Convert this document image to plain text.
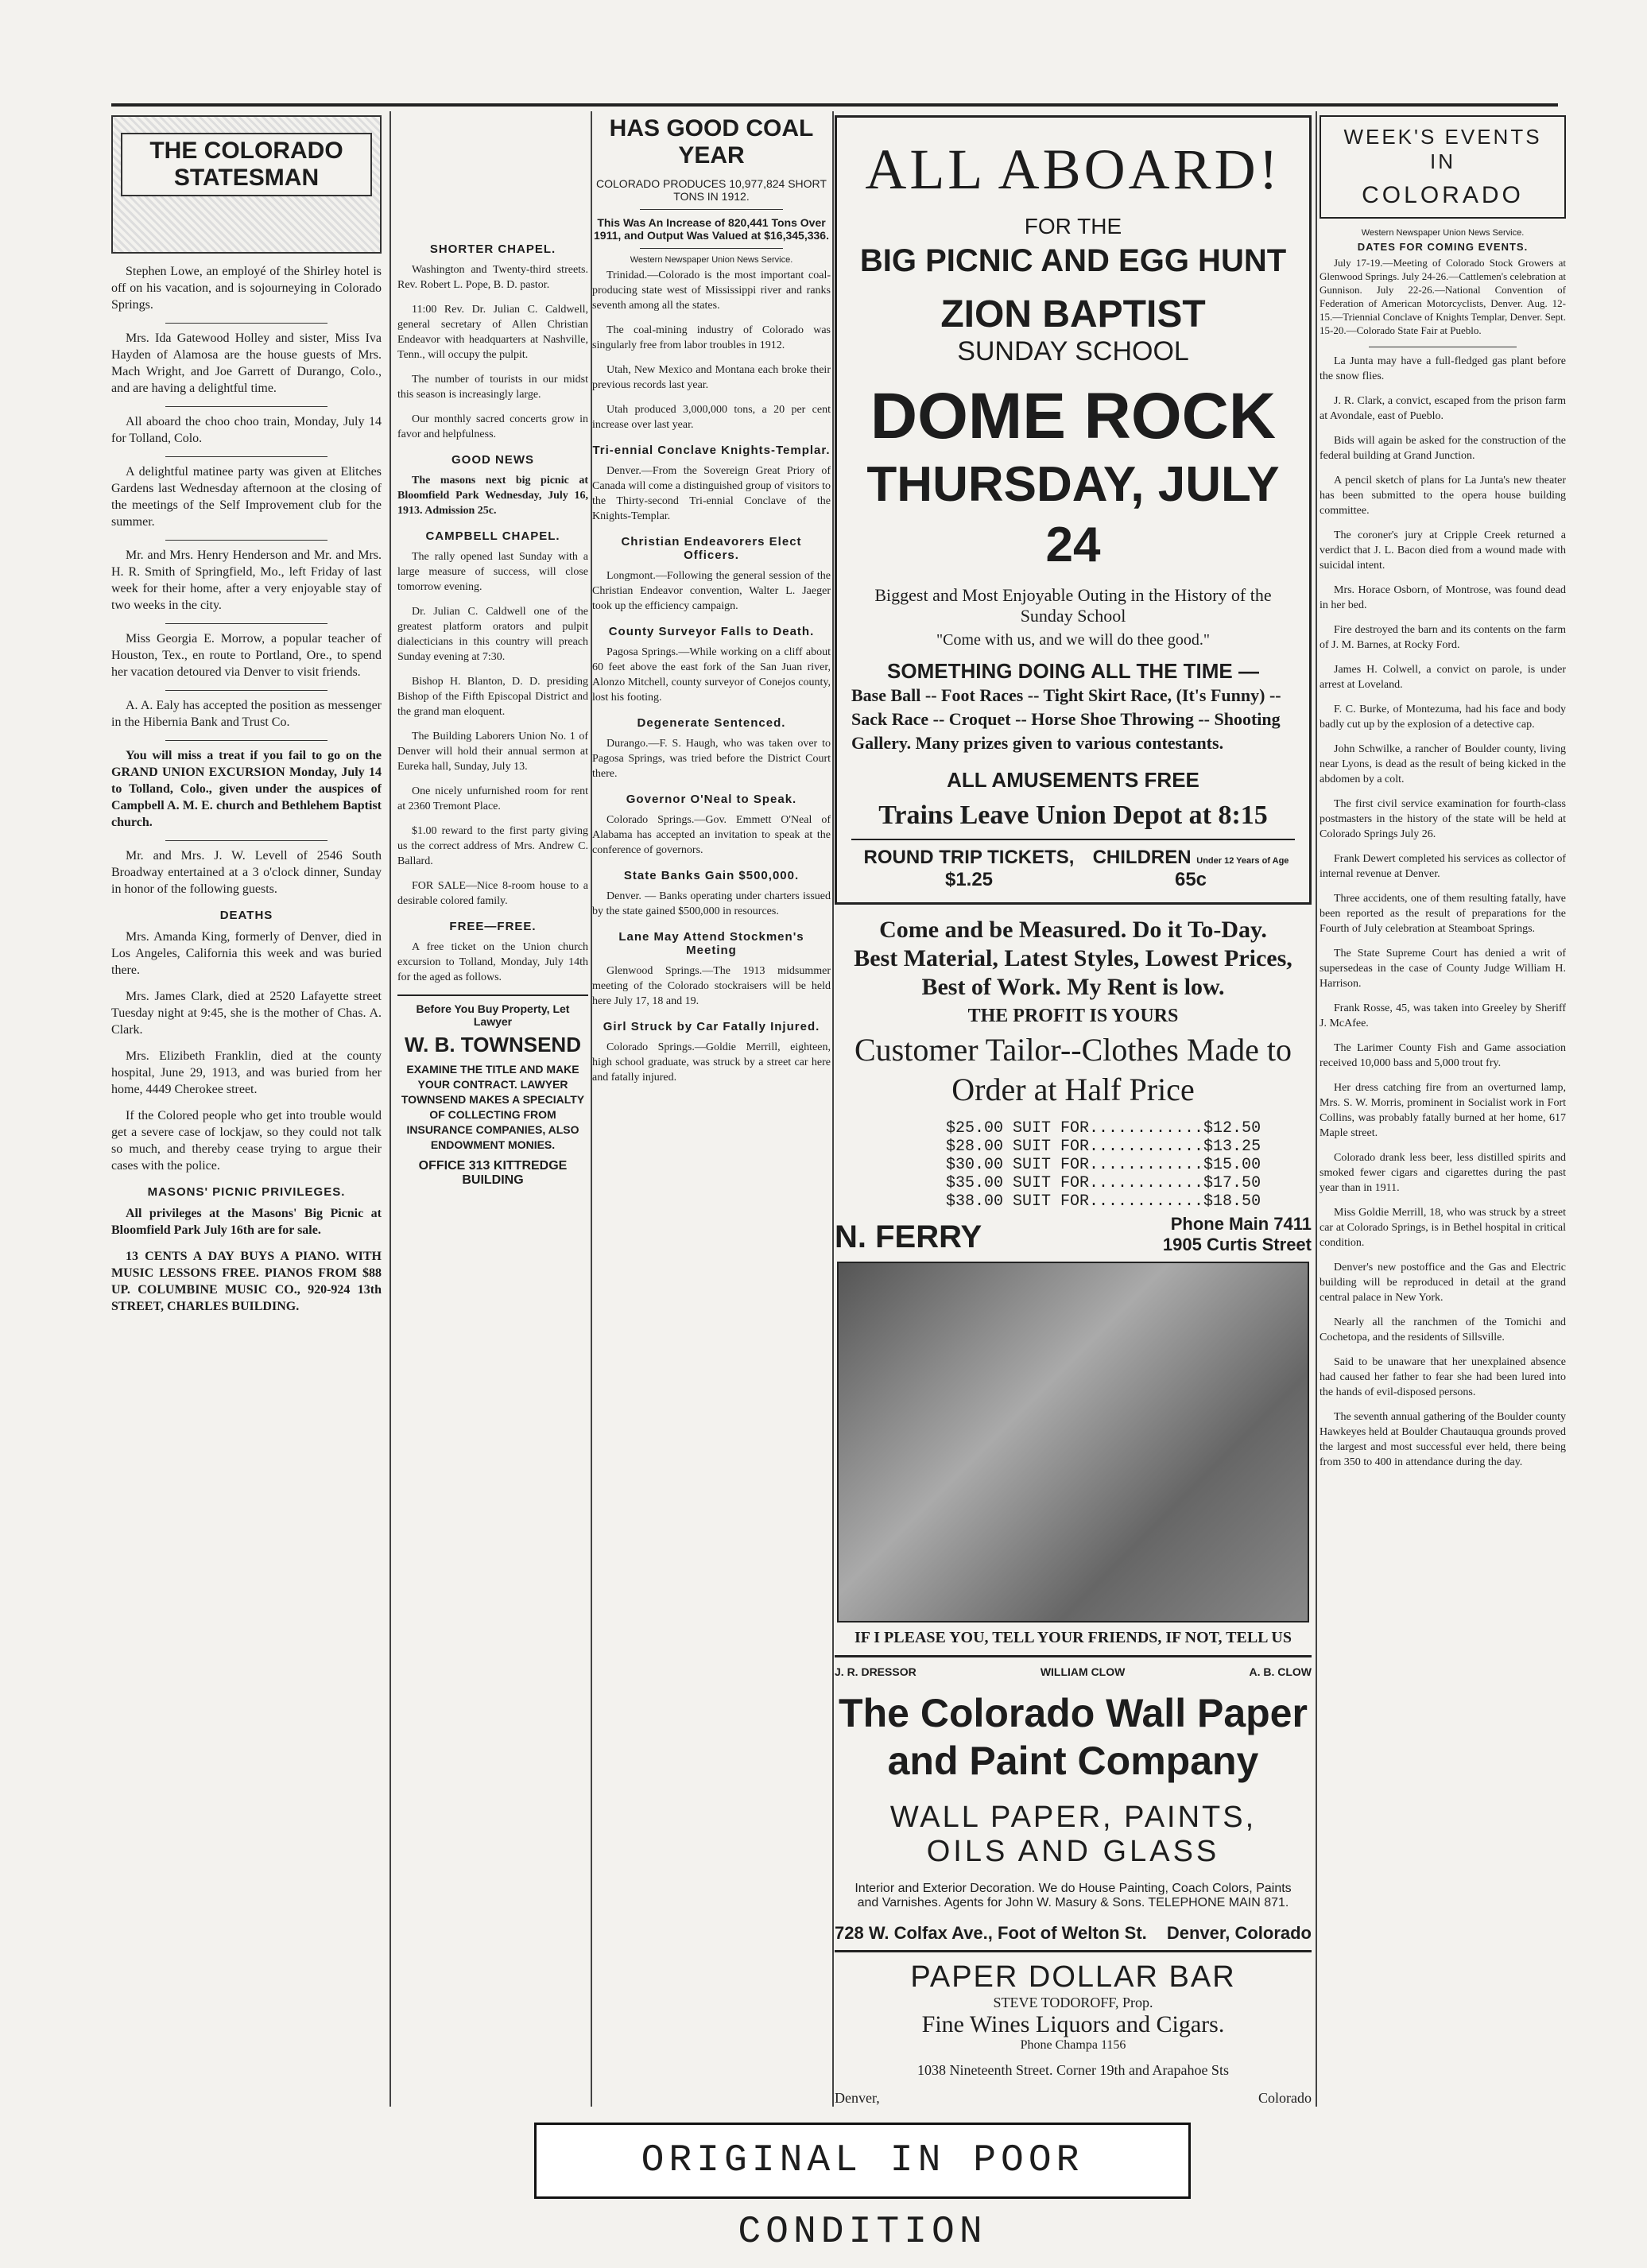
THE COLORADO STATESMAN

Stephen Lowe, an employé of the Shirley hotel is off on his vacation, and is sojourneying in Colorado Springs.

Mrs. Ida Gatewood Holley and sister, Miss Iva Hayden of Alamosa are the house guests of Mrs. Mach Wright, and Joe Garrett of Durango, Colo., and are having a delightful time.

All aboard the choo choo train, Monday, July 14 for Tolland, Colo.

A delightful matinee party was given at Elitches Gardens last Wednesday afternoon at the closing of the meetings of the Self Improvement club for the summer.

Mr. and Mrs. Henry Henderson and Mr. and Mrs. H. R. Smith of Springfield, Mo., left Friday of last week for their home, after a very enjoyable stay of two weeks in the city.

Miss Georgia E. Morrow, a popular teacher of Houston, Tex., en route to Portland, Ore., to spend her vacation detoured via Denver to visit friends.

A. A. Ealy has accepted the position as messenger in the Hibernia Bank and Trust Co.

You will miss a treat if you fail to go on the GRAND UNION EXCURSION Monday, July 14 to Tolland, Colo., given under the auspices of Campbell A. M. E. church and Bethlehem Baptist church.

Mr. and Mrs. J. W. Levell of 2546 South Broadway entertained at a 3 o'clock dinner, Sunday in honor of the following guests.

DEATHS

Mrs. Amanda King, formerly of Denver, died in Los Angeles, California this week and was buried there.

Mrs. James Clark, died at 2520 Lafayette street Tuesday night at 9:45, she is the mother of Chas. A. Clark.

Mrs. Elizibeth Franklin, died at the county hospital, June 29, 1913, and was buried from her home, 4449 Cherokee street.

If the Colored people who get into trouble would get a severe case of lockjaw, so they could not talk so much, and thereby cease trying to argue their cases with the police.

MASONS' PICNIC PRIVILEGES.

All privileges at the Masons' Big Picnic at Bloomfield Park July 16th are for sale.

13 CENTS A DAY BUYS A PIANO. WITH MUSIC LESSONS FREE. PIANOS FROM $88 UP. COLUMBINE MUSIC CO., 920-924 13th STREET, CHARLES BUILDING.

SHORTER CHAPEL.

Washington and Twenty-third streets. Rev. Robert L. Pope, B. D. pastor.

11:00 Rev. Dr. Julian C. Caldwell, general secretary of Allen Christian Endeavor with headquarters at Nashville, Tenn., will occupy the pulpit.

The number of tourists in our midst this season is increasingly large.

Our monthly sacred concerts grow in favor and helpfulness.

GOOD NEWS

The masons next big picnic at Bloomfield Park Wednesday, July 16, 1913. Admission 25c.

CAMPBELL CHAPEL.

The rally opened last Sunday with a large measure of success, will close tomorrow evening.

Dr. Julian C. Caldwell one of the greatest platform orators and pulpit dialecticians in this country will preach Sunday evening at 7:30.

Bishop H. Blanton, D. D. presiding Bishop of the Fifth Episcopal District and the grand man eloquent.

The Building Laborers Union No. 1 of Denver will hold their annual sermon at Eureka hall, Sunday, July 13.

One nicely unfurnished room for rent at 2360 Tremont Place.

$1.00 reward to the first party giving us the correct address of Mrs. Andrew C. Ballard.

FOR SALE—Nice 8-room house to a desirable colored family.

FREE—FREE.

A free ticket on the Union church excursion to Tolland, Monday, July 14th for the aged as follows.

Before You Buy Property, Let Lawyer
W. B. TOWNSEND
EXAMINE THE TITLE AND MAKE YOUR CONTRACT. LAWYER TOWNSEND MAKES A SPECIALTY OF COLLECTING FROM INSURANCE COMPANIES, ALSO ENDOWMENT MONIES.
OFFICE 313 KITTREDGE BUILDING
HAS GOOD COAL YEAR
COLORADO PRODUCES 10,977,824 SHORT TONS IN 1912.
This Was An Increase of 820,441 Tons Over 1911, and Output Was Valued at $16,345,336.
Western Newspaper Union News Service.

Trinidad.—Colorado is the most important coal-producing state west of Mississippi river and ranks seventh among all the states.

The coal-mining industry of Colorado was singularly free from labor troubles in 1912.

Utah, New Mexico and Montana each broke their previous records last year.

Utah produced 3,000,000 tons, a 20 per cent increase over last year.

Tri-ennial Conclave Knights-Templar.

Denver.—From the Sovereign Great Priory of Canada will come a distinguished group of visitors to the Thirty-second Tri-ennial Conclave of the Knights-Templar.

Christian Endeavorers Elect Officers.

Longmont.—Following the general session of the Christian Endeavor convention, Walter L. Jaeger took up the efficiency campaign.

County Surveyor Falls to Death.

Pagosa Springs.—While working on a cliff about 60 feet above the east fork of the San Juan river, Alonzo Mitchell, county surveyor of Conejos county, lost his footing.

Degenerate Sentenced.

Durango.—F. S. Haugh, who was taken over to Pagosa Springs, was tried before the District Court there.

Governor O'Neal to Speak.

Colorado Springs.—Gov. Emmett O'Neal of Alabama has accepted an invitation to speak at the conference of governors.

State Banks Gain $500,000.

Denver. — Banks operating under charters issued by the state gained $500,000 in resources.

Lane May Attend Stockmen's Meeting

Glenwood Springs.—The 1913 midsummer meeting of the Colorado stockraisers will be held here July 17, 18 and 19.

Girl Struck by Car Fatally Injured.

Colorado Springs.—Goldie Merrill, eighteen, high school graduate, was struck by a street car here and fatally injured.

ALL ABOARD!
FOR THE
BIG PICNIC AND EGG HUNT
ZION BAPTIST
SUNDAY SCHOOL
DOME ROCK
THURSDAY, JULY 24
Biggest and Most Enjoyable Outing in the History of the Sunday School
"Come with us, and we will do thee good."
SOMETHING DOING ALL THE TIME —
Base Ball -- Foot Races -- Tight Skirt Race, (It's Funny) -- Sack Race -- Croquet -- Horse Shoe Throwing -- Shooting Gallery. Many prizes given to various contestants.
ALL AMUSEMENTS FREE
Trains Leave Union Depot at 8:15
ROUND TRIP TICKETS, $1.25
CHILDREN Under 12 Years of Age 65c
Come and be Measured. Do it To-Day.
Best Material, Latest Styles, Lowest Prices,
Best of Work. My Rent is low.
THE PROFIT IS YOURS
Customer Tailor--Clothes Made to
Order at Half Price
$25.00 SUIT FOR............$12.50
$28.00 SUIT FOR............$13.25
$30.00 SUIT FOR............$15.00
$35.00 SUIT FOR............$17.50
$38.00 SUIT FOR............$18.50
N. FERRY	Phone Main 7411
1905 Curtis Street
IF I PLEASE YOU, TELL YOUR FRIENDS, IF NOT, TELL US
J. R. DRESSOR	WILLIAM CLOW	A. B. CLOW
The Colorado Wall Paper
and Paint Company
WALL PAPER, PAINTS,
OILS AND GLASS
Interior and Exterior Decoration. We do House Painting, Coach Colors, Paints and Varnishes. Agents for John W. Masury & Sons. TELEPHONE MAIN 871.
728 W. Colfax Ave., Foot of Welton St. Denver, Colorado
PAPER DOLLAR BAR
STEVE TODOROFF, Prop.
Fine Wines Liquors and Cigars.
Phone Champa 1156
1038 Nineteenth Street. Corner 19th and Arapahoe Sts
Denver,	Colorado
WEEK'S EVENTS
IN
COLORADO
Western Newspaper Union News Service.
DATES FOR COMING EVENTS.

July 17-19.—Meeting of Colorado Stock Growers at Glenwood Springs. July 24-26.—Cattlemen's celebration at Gunnison. July 22-26.—National Convention of Federation of American Motorcyclists, Denver. Aug. 12-15.—Triennial Conclave of Knights Templar, Denver. Sept. 15-20.—Colorado State Fair at Pueblo.

La Junta may have a full-fledged gas plant before the snow flies.

J. R. Clark, a convict, escaped from the prison farm at Avondale, east of Pueblo.

Bids will again be asked for the construction of the federal building at Grand Junction.

A pencil sketch of plans for La Junta's new theater has been submitted to the opera house building committee.

The coroner's jury at Cripple Creek returned a verdict that J. L. Bacon died from a wound made with suicidal intent.

Mrs. Horace Osborn, of Montrose, was found dead in her bed.

Fire destroyed the barn and its contents on the farm of J. M. Barnes, at Rocky Ford.

James H. Colwell, a convict on parole, is under arrest at Loveland.

F. C. Burke, of Montezuma, had his face and body badly cut up by the explosion of a detective cap.

John Schwilke, a rancher of Boulder county, living near Lyons, is dead as the result of being kicked in the abdomen by a colt.

The first civil service examination for fourth-class postmasters in the history of the state will be held at Colorado Springs July 26.

Frank Dewert completed his services as collector of internal revenue at Denver.

Three accidents, one of them resulting fatally, have been reported as the result of preparations for the Fourth of July celebration at Steamboat Springs.

The State Supreme Court has denied a writ of supersedeas in the case of County Judge William H. Harrison.

Frank Rosse, 45, was taken into Greeley by Sheriff J. McAfee.

The Larimer County Fish and Game association received 10,000 bass and 5,000 trout fry.

Her dress catching fire from an overturned lamp, Mrs. S. W. Morris, prominent in Socialist work in Fort Collins, was probably fatally burned at her home, 617 Maple street.

Colorado drank less beer, less distilled spirits and smoked fewer cigars and cigarettes during the past year than in 1911.

Miss Goldie Merrill, 18, who was struck by a street car at Colorado Springs, is in Bethel hospital in critical condition.

Denver's new postoffice and the Gas and Electric building will be reproduced in detail at the grand central palace in New York.

Nearly all the ranchmen of the Tomichi and Cochetopa, and the residents of Sillsville.

Said to be unaware that her unexplained absence had caused her father to fear she had been lured into the hands of evil-disposed persons.

The seventh annual gathering of the Boulder county Hawkeyes held at Boulder Chautauqua grounds proved the largest and most successful ever held, there being from 350 to 400 in attendance during the day.

ORIGINAL IN POOR CONDITION
